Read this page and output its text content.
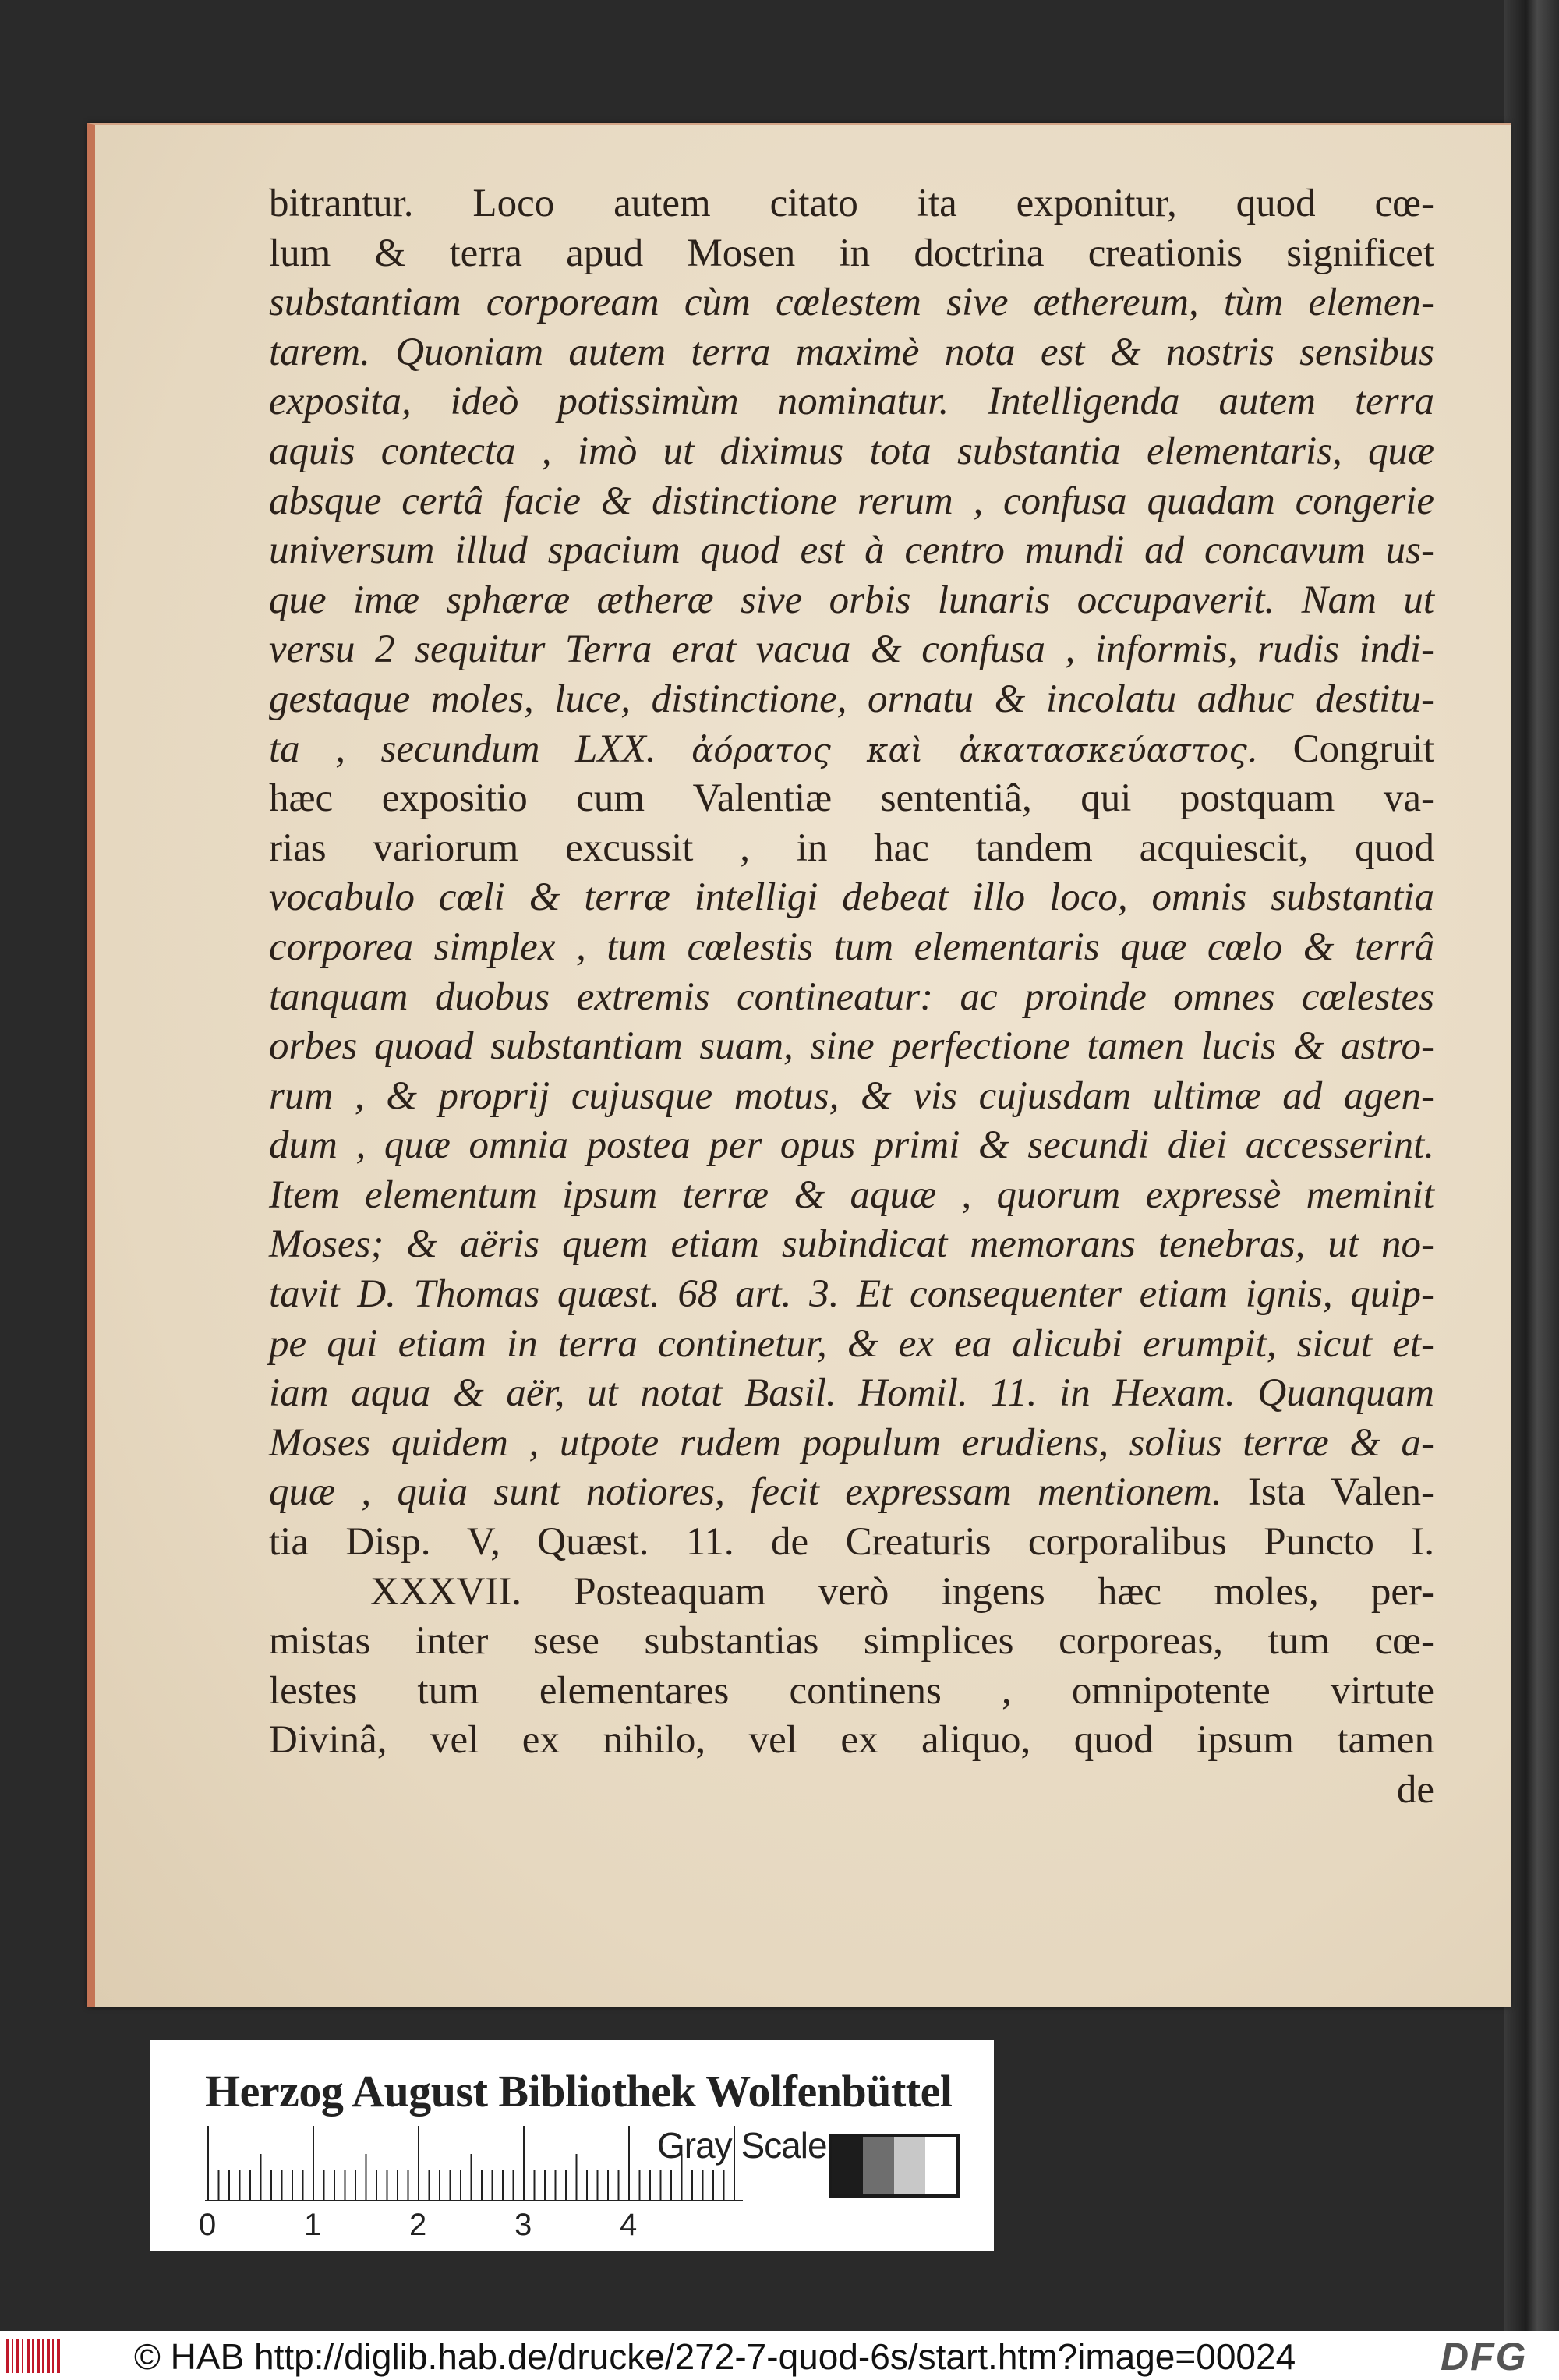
bitrantur. Loco autem citato ita exponitur, quod cœ-
lum & terra apud Mosen in doctrina creationis significet
substantiam corpoream cùm cœlestem sive æthereum, tùm elemen-
tarem. Quoniam autem terra maximè nota est & nostris sensibus
exposita, ideò potissimùm nominatur. Intelligenda autem terra
aquis contecta , imò ut diximus tota substantia elementaris, quæ
absque certâ facie & distinctione rerum , confusa quadam congerie
universum illud spacium quod est à centro mundi ad concavum us-
que imæ sphæræ ætheræ sive orbis lunaris occupaverit. Nam ut
versu 2 sequitur Terra erat vacua & confusa , informis, rudis indi-
gestaque moles, luce, distinctione, ornatu & incolatu adhuc destitu-
ta , secundum LXX. ἀόρατος καὶ ἀκατασκεύαστος. Congruit
hæc expositio cum Valentiæ sententiâ, qui postquam va-
rias variorum excussit , in hac tandem acquiescit, quod
vocabulo cœli & terræ intelligi debeat illo loco, omnis substantia
corporea simplex , tum cœlestis tum elementaris quæ cœlo & terrâ
tanquam duobus extremis contineatur: ac proinde omnes cœlestes
orbes quoad substantiam suam, sine perfectione tamen lucis & astro-
rum , & proprij cujusque motus, & vis cujusdam ultimæ ad agen-
dum , quæ omnia postea per opus primi & secundi diei accesserint.
Item elementum ipsum terræ & aquæ , quorum expressè meminit
Moses; & aëris quem etiam subindicat memorans tenebras, ut no-
tavit D. Thomas quæst. 68 art. 3. Et consequenter etiam ignis, quip-
pe qui etiam in terra continetur, & ex ea alicubi erumpit, sicut et-
iam aqua & aër, ut notat Basil. Homil. 11. in Hexam. Quanquam
Moses quidem , utpote rudem populum erudiens, solius terræ & a-
quæ , quia sunt notiores, fecit expressam mentionem. Ista Valen-
tia Disp. V, Quæst. 11. de Creaturis corporalibus Puncto I.
XXXVII. Posteaquam verò ingens hæc moles, per-
mistas inter sese substantias simplices corporeas, tum cœ-
lestes tum elementares continens , omnipotente virtute
Divinâ, vel ex nihilo, vel ex aliquo, quod ipsum tamen
de
Herzog August Bibliothek Wolfenbüttel
0	1	2	3	4
Gray Scale
© HAB http://diglib.hab.de/drucke/272-7-quod-6s/start.htm?image=00024	DFG
